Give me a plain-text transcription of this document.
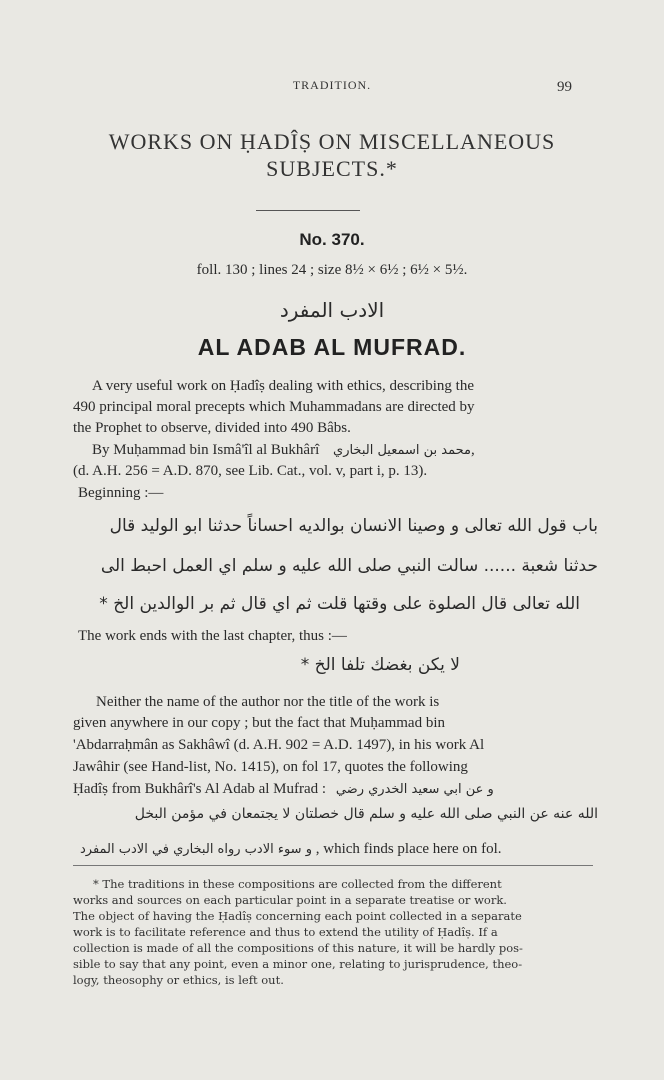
TRADITION.	99
WORKS ON ḤADÎṢ ON MISCELLANEOUS
SUBJECTS.*
No. 370.
foll. 130 ; lines 24 ; size 8½ × 6½ ; 6½ × 5½.
الادب المفرد
AL ADAB AL MUFRAD.
A very useful work on Ḥadîṣ dealing with ethics, describing the
490 principal moral precepts which Muhammadans are directed by
the Prophet to observe, divided into 490 Bâbs.
By Muḥammad bin Ismâ'îl al Bukhârî محمد بن اسمعيل البخاري,
(d. A.H. 256 = A.D. 870, see Lib. Cat., vol. v, part i, p. 13).
Beginning :—
باب قول الله تعالى و وصينا الانسان بوالديه احساناً حدثنا ابو الوليد قال
حدثنا شعبة ...... سالت النبي صلى الله عليه و سلم اي العمل احبط الى
الله تعالى قال الصلوة على وقتها قلت ثم اي قال ثم بر الوالدين الخ *
The work ends with the last chapter, thus :—
لا يكن بغضك تلفا الخ *
Neither the name of the author nor the title of the work is
given anywhere in our copy ; but the fact that Muḥammad bin
'Abdarraḥmân as Sakhâwî (d. A.H. 902 = A.D. 1497), in his work Al
Jawâhir (see Hand-list, No. 1415), on fol 17, quotes the following
Ḥadîṣ from Bukhârî's Al Adab al Mufrad : و عن ابي سعيد الخدري رضي
الله عنه عن النبي صلى الله عليه و سلم قال خصلتان لا يجتمعان في مؤمن البخل
و سوء الادب رواه البخاري في الادب المفرد , which finds place here on fol.
* The traditions in these compositions are collected from the different
works and sources on each particular point in a separate treatise or work.
The object of having the Ḥadîṣ concerning each point collected in a separate
work is to facilitate reference and thus to extend the utility of Ḥadîṣ. If a
collection is made of all the compositions of this nature, it will be hardly pos-
sible to say that any point, even a minor one, relating to jurisprudence, theo-
logy, theosophy or ethics, is left out.
